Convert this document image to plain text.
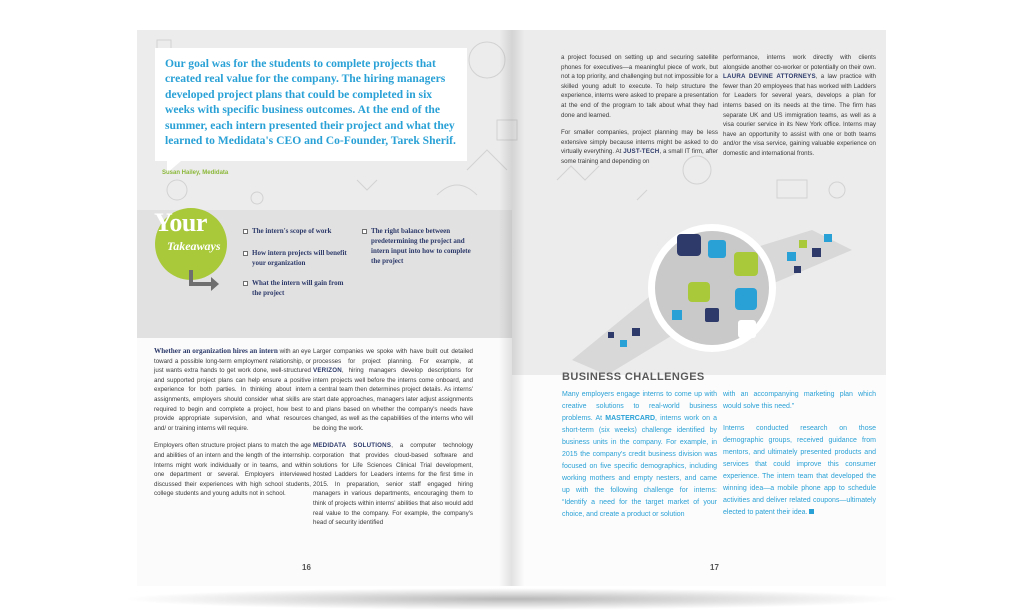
Our goal was for the students to complete projects that created real value for the company. The hiring managers developed project plans that could be completed in six weeks with specific business outcomes. At the end of the summer, each intern presented their project and what they learned to Medidata's CEO and Co-Founder, Tarek Sherif.

Susan Hailey, Medidata
Your
Takeaways
The intern's scope of work
How intern projects will benefit your organization
What the intern will gain from the project
The right balance between predetermining the project and intern input into how to complete the project

Whether an organization hires an intern with an eye toward a possible long-term employment relationship, or just wants extra hands to get work done, well-structured and supported project plans can help ensure a positive experience for both parties. In thinking about intern assignments, employers should consider what skills are required to begin and complete a project, how best to provide appropriate supervision, and what resources and/ or training interns will require.

Employers often structure project plans to match the age and abilities of an intern and the length of the internship. Interns might work individually or in teams, and within one department or several. Employers interviewed discussed their experiences with high school students, college students and young adults not in school.

Larger companies we spoke with have built out detailed processes for project planning. For example, at VERIZON, hiring managers develop descriptions for intern projects well before the interns come onboard, and a central team then determines project details. As interns' start date approaches, managers later adjust assignments and plans based on whether the company's needs have changed, as well as the capabilities of the interns who will be doing the work.

MEDIDATA SOLUTIONS, a computer technology corporation that provides cloud-based software and solutions for Life Sciences Clinical Trial development, hosted Ladders for Leaders interns for the first time in 2015. In preparation, senior staff engaged hiring managers in various departments, encouraging them to think of projects within interns' abilities that also would add real value to the company. For example, the company's head of security identified

a project focused on setting up and securing satellite phones for executives—a meaningful piece of work, but not a top priority, and challenging but not impossible for a skilled young adult to execute. To help structure the experience, interns were asked to prepare a presentation at the end of the program to talk about what they had done and learned.

For smaller companies, project planning may be less extensive simply because interns might be asked to do virtually everything. At JUST-TECH, a small IT firm, after some training and depending on

performance, interns work directly with clients alongside another co-worker or potentially on their own. LAURA DEVINE ATTORNEYS, a law practice with fewer than 20 employees that has worked with Ladders for Leaders for several years, develops a plan for interns based on its needs at the time. The firm has separate UK and US immigration teams, as well as a visa courier service in its New York office. Interns may have an opportunity to assist with one or both teams and/or the visa service, gaining valuable experience on domestic and international fronts.

BUSINESS CHALLENGES

Many employers engage interns to come up with creative solutions to real-world business problems. At MASTERCARD, interns work on a short-term (six weeks) challenge identified by business units in the company. For example, in 2015 the company's credit business division was focused on five specific demographics, including working mothers and empty nesters, and came up with the following challenge for interns: “Identify a need for the target market of your choice, and create a product or solution

with an accompanying marketing plan which would solve this need.”

Interns conducted research on those demographic groups, received guidance from mentors, and ultimately presented products and services that could improve this consumer experience. The intern team that developed the winning idea—a mobile phone app to schedule activities and deliver related coupons—ultimately elected to patent their idea.

16	17
